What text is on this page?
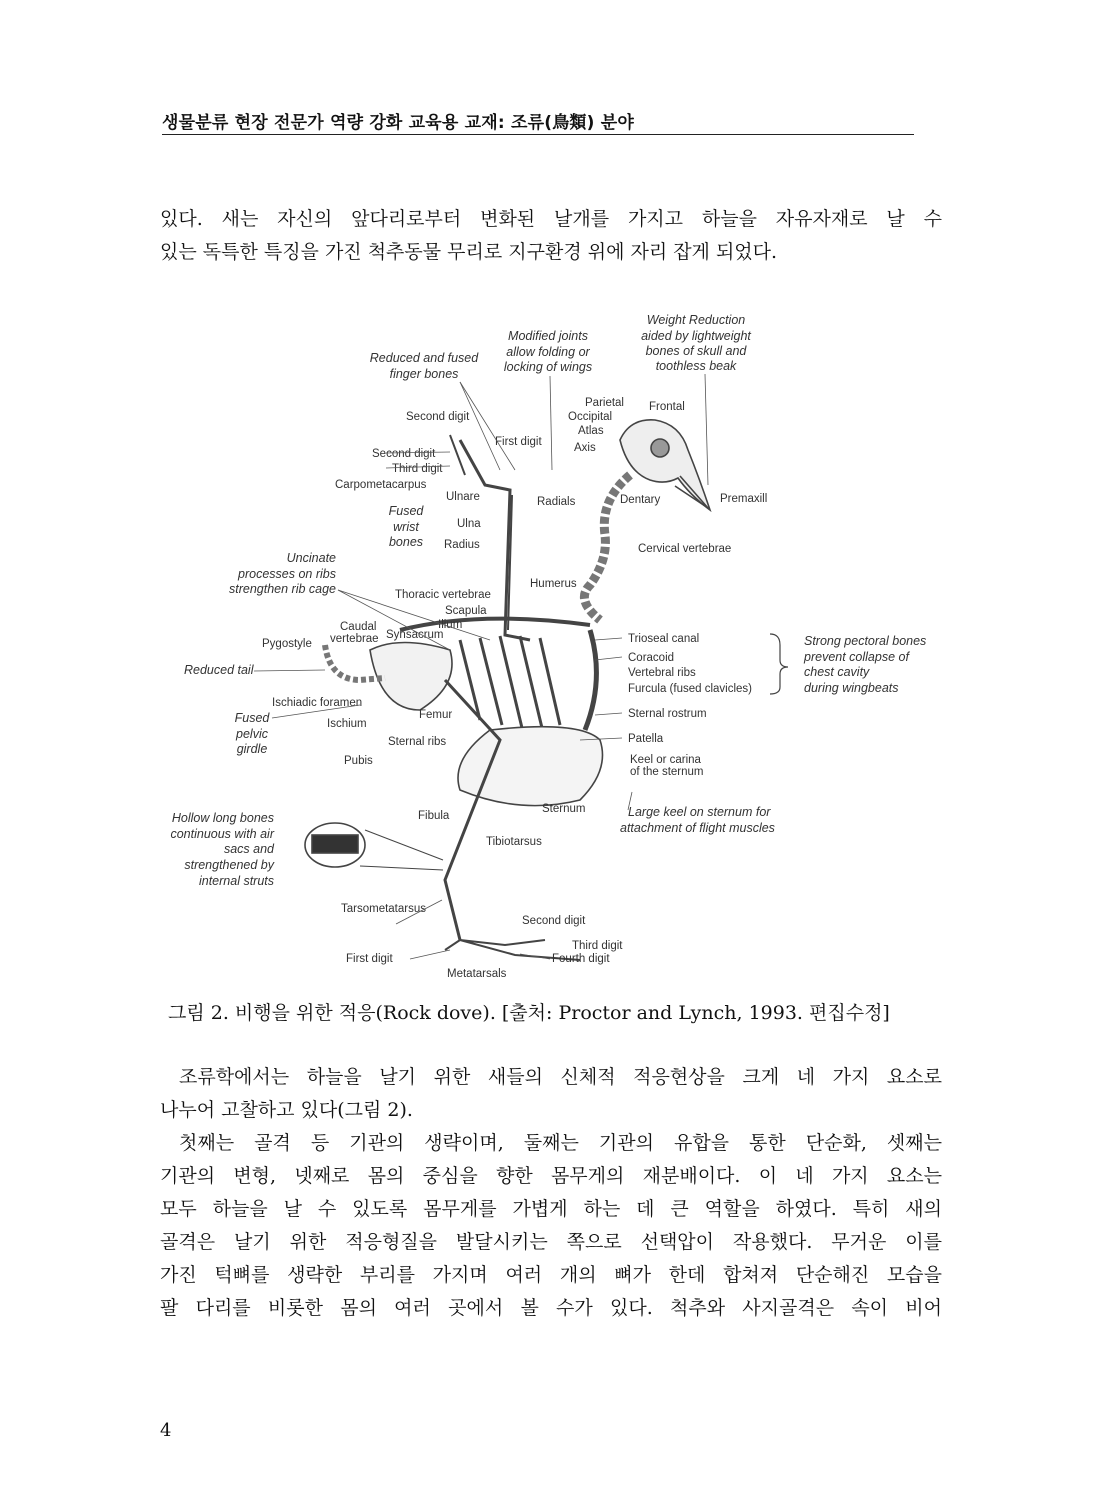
생물분류 현장 전문가 역량 강화 교육용 교재: 조류(鳥類) 분야

있다. 새는 자신의 앞다리로부터 변화된 날개를 가지고 하늘을 자유자재로 날 수

있는 독특한 특징을 가진 척추동물 무리로 지구환경 위에 자리 잡게 되었다.

Weight Reduction
aided by lightweight
bones of skull and
toothless beak
Modified joints
allow folding or
locking of wings
Reduced and fused
finger bones
Fused
wrist
bones
Uncinate
processes on ribs
strengthen rib cage
Reduced tail
Fused
pelvic
girdle
Hollow long bones
continuous with air
sacs and
strengthened by
internal struts
Strong pectoral bones
prevent collapse of
chest cavity
during wingbeats
Large keel on sternum for
attachment of flight muscles
Second digit
First digit
Second digit
Third digit
Carpometacarpus
Ulnare	Radials
Ulna
Radius
Parietal
Occipital
Atlas
Axis
Frontal
Dentary	Premaxill
Cervical vertebrae
Humerus
Thoracic vertebrae
Scapula
Ilium
Caudal
vertebrae Synsacrum
Pygostyle	Trioseal canal
Coracoid
Vertebral ribs
Furcula (fused clavicles)
Ischiadic foramen
Ischium
Femur	Sternal rostrum
Sternal ribs	Patella
Pubis	Keel or carina
of the sternum
Sternum
Fibula
Tibiotarsus
Tarsometatarsus
Second digit
Third digit
First digit	Fourth digit
Metatarsals
그림 2. 비행을 위한 적응(Rock dove). [출처: Proctor and Lynch, 1993. 편집수정]

조류학에서는 하늘을 날기 위한 새들의 신체적 적응현상을 크게 네 가지 요소로

나누어 고찰하고 있다(그림 2).

첫째는 골격 등 기관의 생략이며, 둘째는 기관의 유합을 통한 단순화, 셋째는

기관의 변형, 넷째로 몸의 중심을 향한 몸무게의 재분배이다. 이 네 가지 요소는

모두 하늘을 날 수 있도록 몸무게를 가볍게 하는 데 큰 역할을 하였다. 특히 새의

골격은 날기 위한 적응형질을 발달시키는 쪽으로 선택압이 작용했다. 무거운 이를

가진 턱뼈를 생략한 부리를 가지며 여러 개의 뼈가 한데 합쳐져 단순해진 모습을

팔 다리를 비롯한 몸의 여러 곳에서 볼 수가 있다. 척추와 사지골격은 속이 비어

4
